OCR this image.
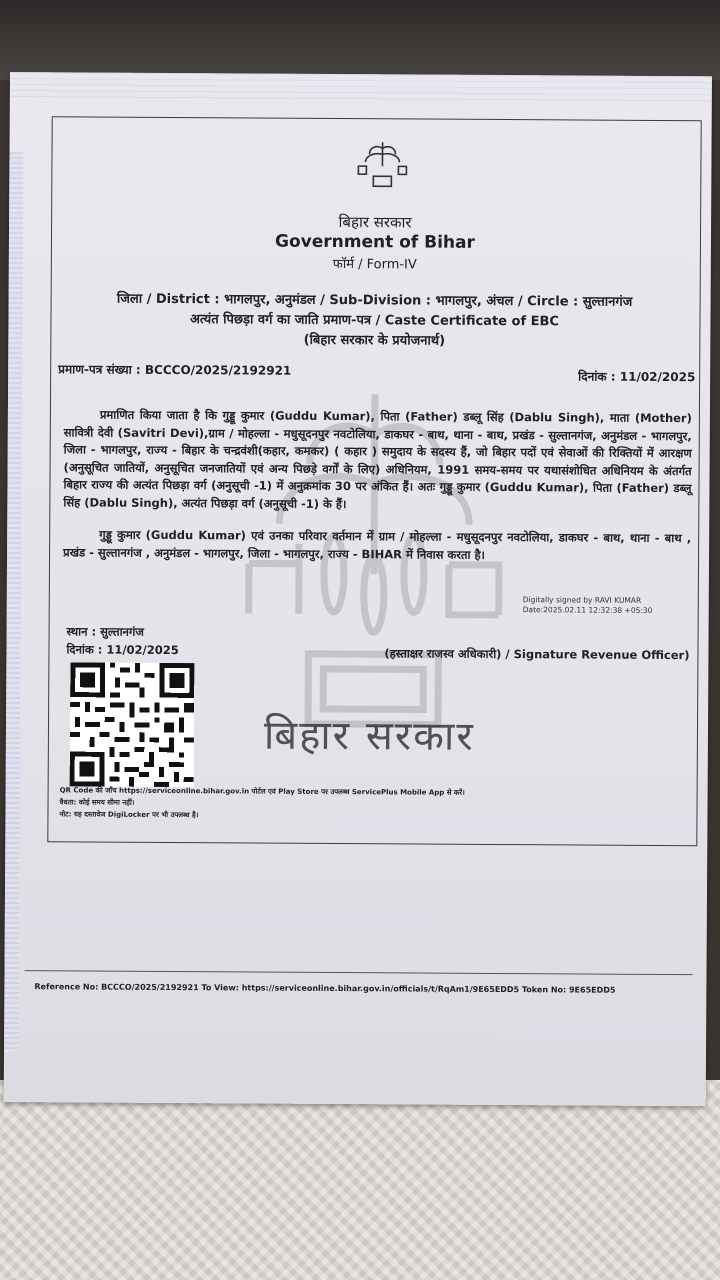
बिहार सरकार
बिहार सरकार
Government of Bihar
फॉर्म / Form-IV
जिला / District : भागलपुर, अनुमंडल / Sub-Division : भागलपुर, अंचल / Circle : सुल्तानगंज
अत्यंत पिछड़ा वर्ग का जाति प्रमाण-पत्र / Caste Certificate of EBC
(बिहार सरकार के प्रयोजनार्थ)
प्रमाण-पत्र संख्या : BCCCO/2025/2192921	दिनांक : 11/02/2025
प्रमाणित किया जाता है कि गुड्डू कुमार (Guddu Kumar), पिता (Father) डब्लू सिंह (Dablu Singh), माता (Mother) सावित्री देवी (Savitri Devi),ग्राम / मोहल्ला - मधुसूदनपुर नवटोलिया, डाकघर - बाथ, थाना - बाथ, प्रखंड - सुल्तानगंज, अनुमंडल - भागलपुर, जिला - भागलपुर, राज्य - बिहार के चन्द्रवंशी(कहार, कमकर) ( कहार ) समुदाय के सदस्य हैं, जो बिहार पदों एवं सेवाओं की रिक्तियों में आरक्षण (अनुसूचित जातियों, अनुसूचित जनजातियों एवं अन्य पिछड़े वर्गों के लिए) अधिनियम, 1991 समय-समय पर यथासंशोधित अधिनियम के अंतर्गत बिहार राज्य की अत्यंत पिछड़ा वर्ग (अनुसूची -1) में अनुक्रमांक 30 पर अंकित हैं। अतः गुड्डू कुमार (Guddu Kumar), पिता (Father) डब्लू सिंह (Dablu Singh), अत्यंत पिछड़ा वर्ग (अनुसूची -1) के हैं।
गुड्डू कुमार (Guddu Kumar) एवं उनका परिवार वर्तमान में ग्राम / मोहल्ला - मधुसूदनपुर नवटोलिया, डाकघर - बाथ, थाना - बाथ , प्रखंड - सुल्तानगंज , अनुमंडल - भागलपुर, जिला - भागलपुर, राज्य - BIHAR में निवास करता है।
Digitally signed by RAVI KUMAR
Date:2025.02.11 12:32:38 +05:30
स्थान : सुल्तानगंज
दिनांक : 11/02/2025	(हस्ताक्षर राजस्व अधिकारी) / Signature Revenue Officer)
QR Code की जाँच https://serviceonline.bihar.gov.in पोर्टल एवं Play Store पर उपलब्ध ServicePlus Mobile App से करें।
वैधता: कोई समय सीमा नहीं।
नोट: यह दस्तावेज DigiLocker पर भी उपलब्ध है।
Reference No: BCCCO/2025/2192921 To View: https://serviceonline.bihar.gov.in/officials/t/RqAm1/9E65EDD5 Token No: 9E65EDD5
